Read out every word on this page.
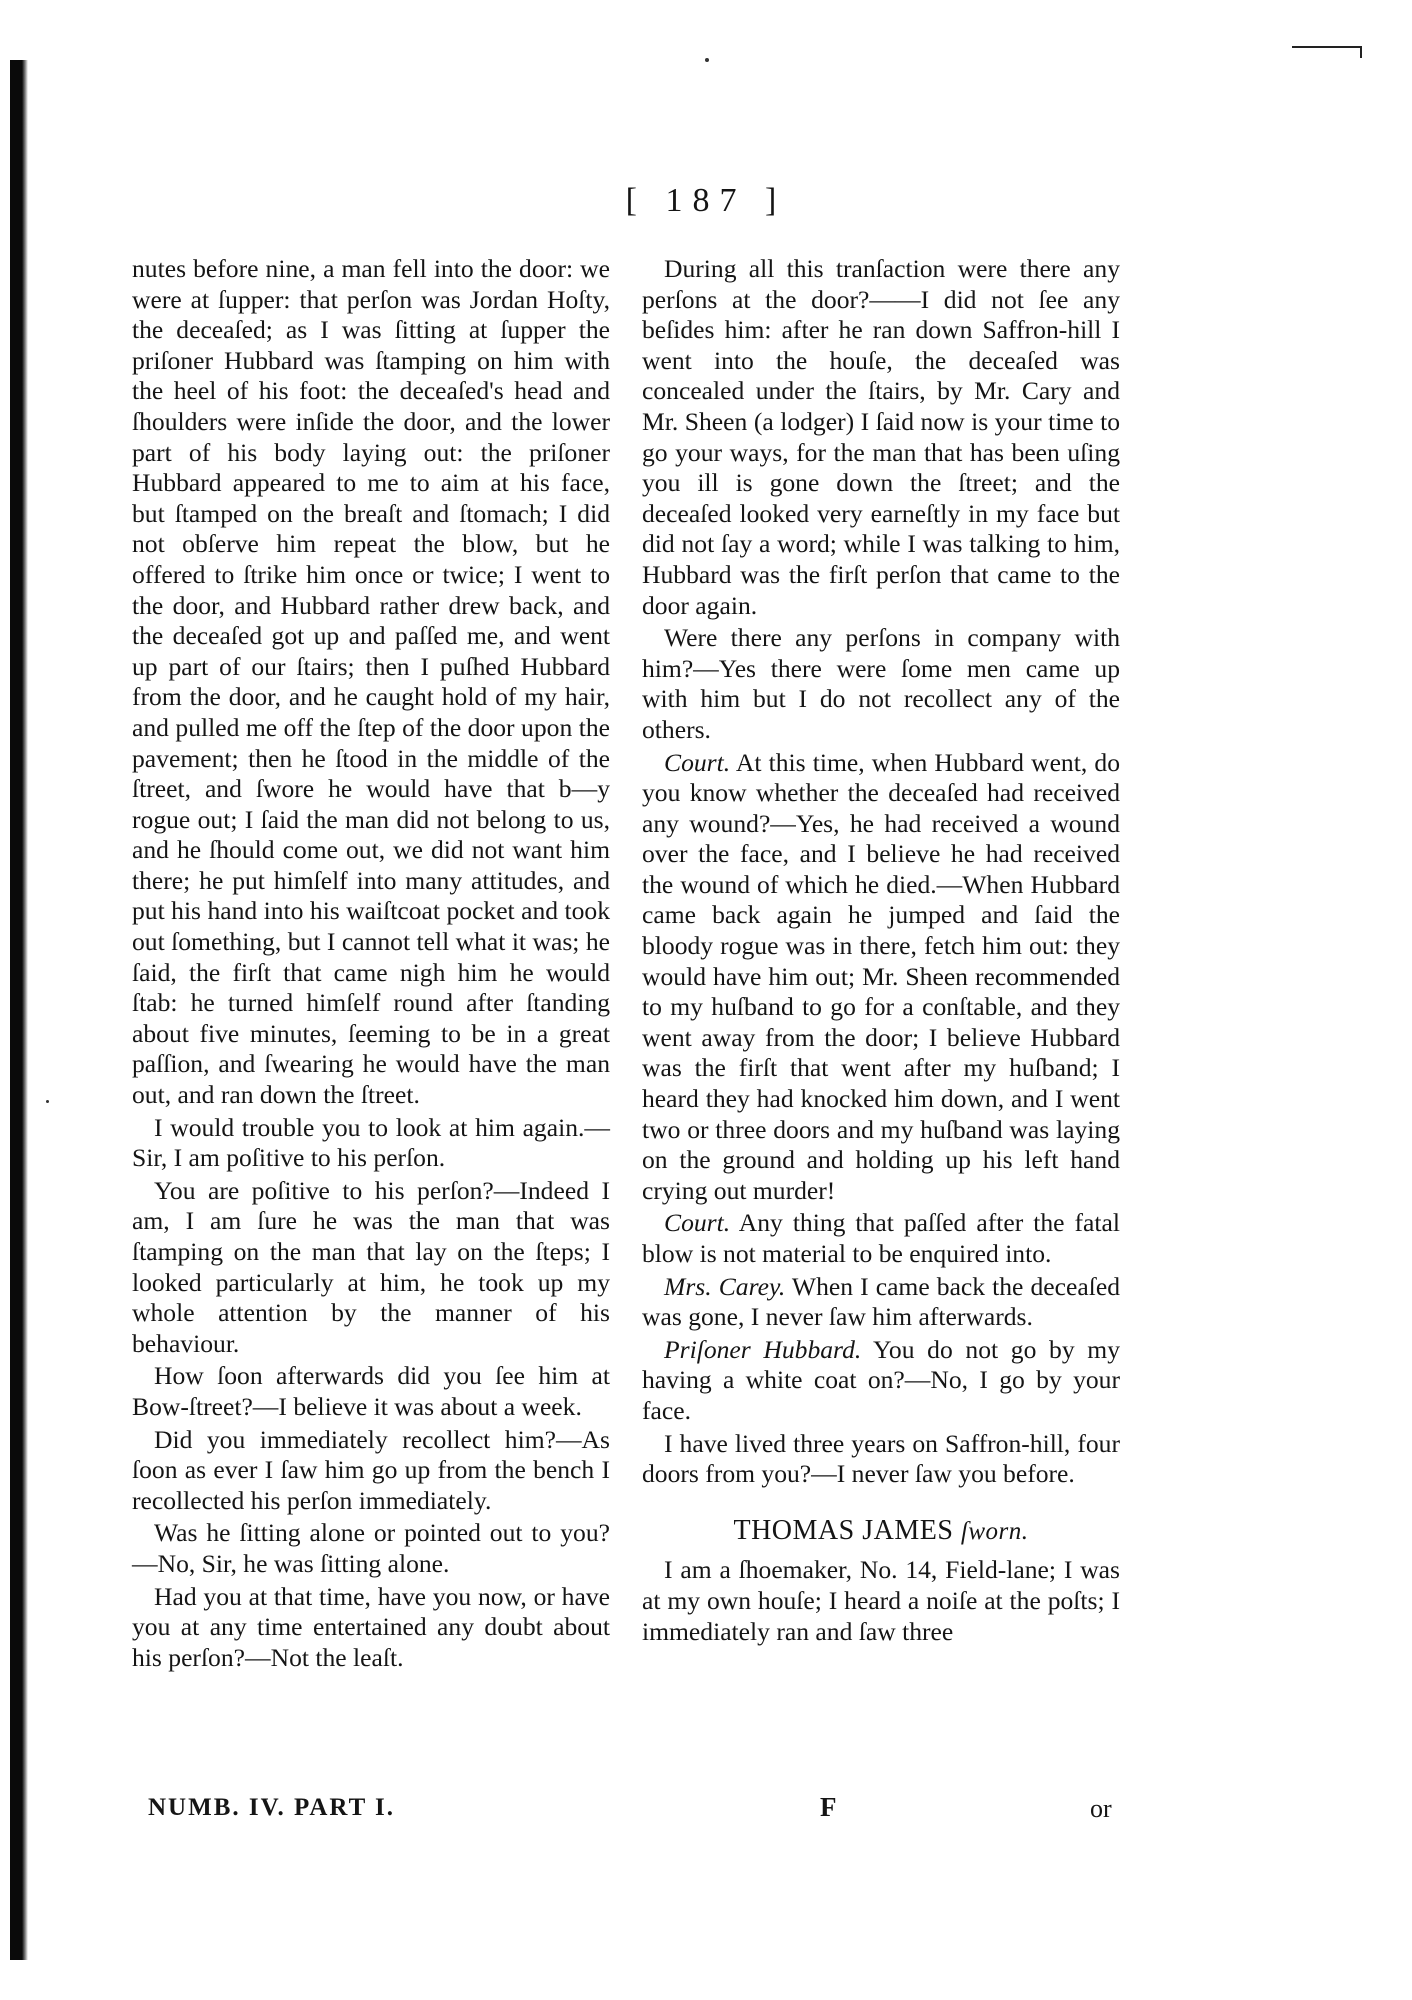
[ 187 ]

nutes before nine, a man fell into the door: we were at ſupper: that perſon was Jordan Hoſty, the deceaſed; as I was ſitting at ſupper the priſoner Hubbard was ſtamping on him with the heel of his foot: the deceaſed's head and ſhoulders were inſide the door, and the lower part of his body laying out: the priſoner Hubbard appeared to me to aim at his face, but ſtamped on the breaſt and ſtomach; I did not obſerve him repeat the blow, but he offered to ſtrike him once or twice; I went to the door, and Hubbard rather drew back, and the deceaſed got up and paſſed me, and went up part of our ſtairs; then I puſhed Hubbard from the door, and he caught hold of my hair, and pulled me off the ſtep of the door upon the pavement; then he ſtood in the middle of the ſtreet, and ſwore he would have that b—y rogue out; I ſaid the man did not belong to us, and he ſhould come out, we did not want him there; he put himſelf into many attitudes, and put his hand into his waiſtcoat pocket and took out ſomething, but I cannot tell what it was; he ſaid, the firſt that came nigh him he would ſtab: he turned himſelf round after ſtanding about five minutes, ſeeming to be in a great paſſion, and ſwearing he would have the man out, and ran down the ſtreet.

I would trouble you to look at him again.—Sir, I am poſitive to his perſon.

You are poſitive to his perſon?—Indeed I am, I am ſure he was the man that was ſtamping on the man that lay on the ſteps; I looked particularly at him, he took up my whole attention by the manner of his behaviour.

How ſoon afterwards did you ſee him at Bow-ſtreet?—I believe it was about a week.

Did you immediately recollect him?—As ſoon as ever I ſaw him go up from the bench I recollected his perſon immediately.

Was he ſitting alone or pointed out to you?—No, Sir, he was ſitting alone.

Had you at that time, have you now, or have you at any time entertained any doubt about his perſon?—Not the leaſt.

During all this tranſaction were there any perſons at the door?——I did not ſee any beſides him: after he ran down Saffron-hill I went into the houſe, the deceaſed was concealed under the ſtairs, by Mr. Cary and Mr. Sheen (a lodger) I ſaid now is your time to go your ways, for the man that has been uſing you ill is gone down the ſtreet; and the deceaſed looked very earneſtly in my face but did not ſay a word; while I was talking to him, Hubbard was the firſt perſon that came to the door again.

Were there any perſons in company with him?—Yes there were ſome men came up with him but I do not recollect any of the others.

Court. At this time, when Hubbard went, do you know whether the deceaſed had received any wound?—Yes, he had received a wound over the face, and I believe he had received the wound of which he died.—When Hubbard came back again he jumped and ſaid the bloody rogue was in there, fetch him out: they would have him out; Mr. Sheen recommended to my huſband to go for a conſtable, and they went away from the door; I believe Hubbard was the firſt that went after my huſband; I heard they had knocked him down, and I went two or three doors and my huſband was laying on the ground and holding up his left hand crying out murder!

Court. Any thing that paſſed after the fatal blow is not material to be enquired into.

Mrs. Carey. When I came back the deceaſed was gone, I never ſaw him afterwards.

Priſoner Hubbard. You do not go by my having a white coat on?—No, I go by your face.

I have lived three years on Saffron-hill, four doors from you?—I never ſaw you before.

THOMAS JAMES ſworn.

I am a ſhoemaker, No. 14, Field-lane; I was at my own houſe; I heard a noiſe at the poſts; I immediately ran and ſaw three

NUMB. IV. PART I.	F	or
